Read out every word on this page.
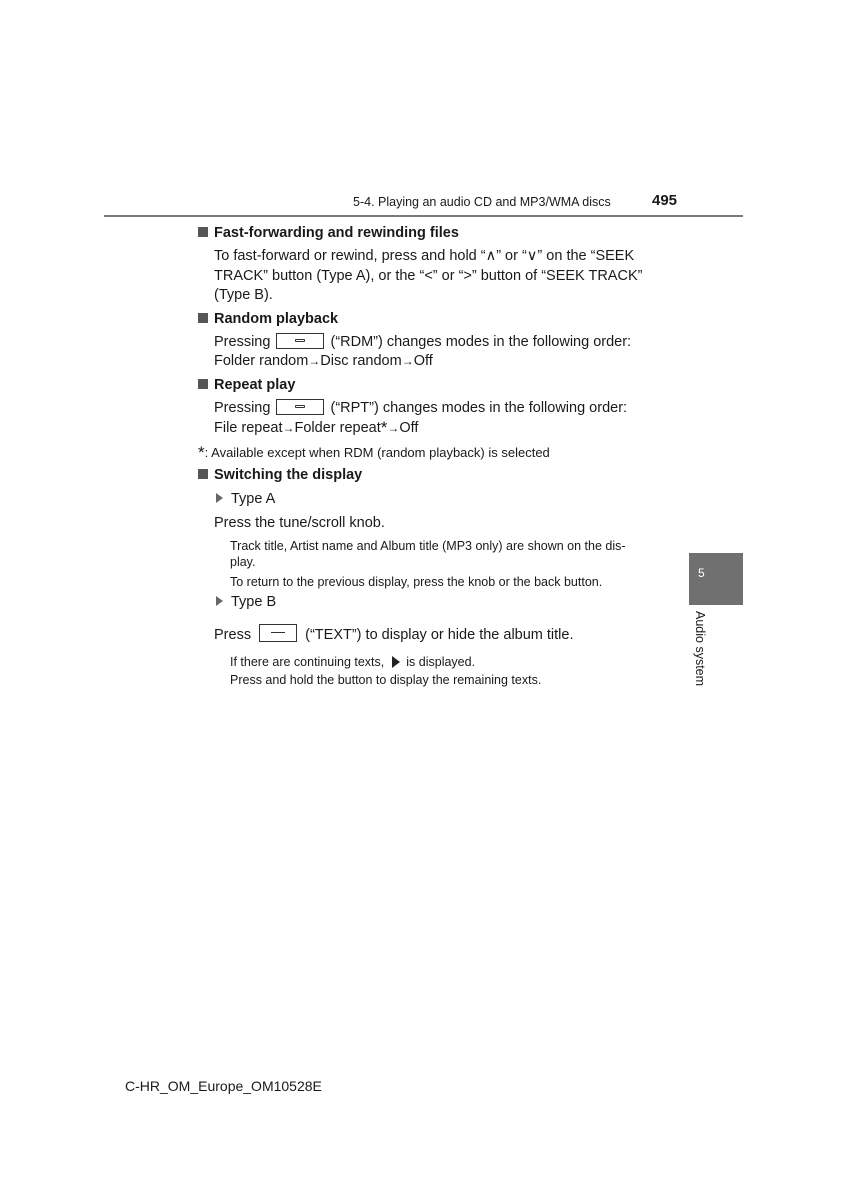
5-4. Playing an audio CD and MP3/WMA discs	495
Fast-forwarding and rewinding files
To fast-forward or rewind, press and hold “∧” or “∨” on the “SEEK
TRACK” button (Type A), or the “<” or “>” button of “SEEK TRACK”
(Type B).
Random playback
Pressing	(“RDM”) changes modes in the following order:
Folder random→Disc random→Off
Repeat play
Pressing	(“RPT”) changes modes in the following order:
File repeat→Folder repeat*→Off
*: Available except when RDM (random playback) is selected
Switching the display
Type A
Press the tune/scroll knob.
Track title, Artist name and Album title (MP3 only) are shown on the dis-
play.
To return to the previous display, press the knob or the back button.
Type B
Press	(“TEXT”) to display or hide the album title.
If there are continuing texts, is displayed.
Press and hold the button to display the remaining texts.
5
Audio system
C-HR_OM_Europe_OM10528E
